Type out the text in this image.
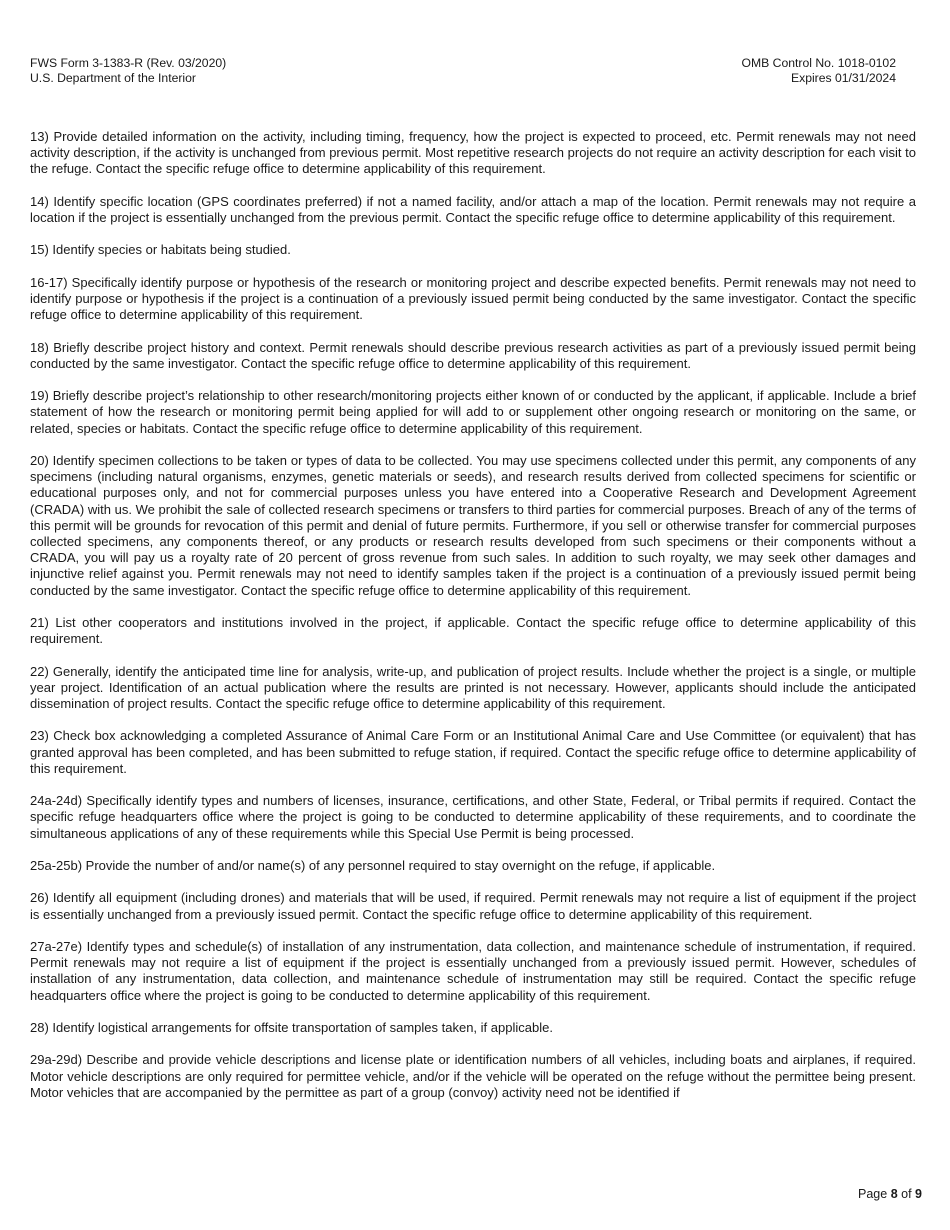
FWS Form 3-1383-R (Rev. 03/2020)
U.S. Department of the Interior
OMB Control No. 1018-0102
Expires 01/31/2024

13) Provide detailed information on the activity, including timing, frequency, how the project is expected to proceed, etc. Permit renewals may not need activity description, if the activity is unchanged from previous permit. Most repetitive research projects do not require an activity description for each visit to the refuge. Contact the specific refuge office to determine applicability of this requirement.

14) Identify specific location (GPS coordinates preferred) if not a named facility, and/or attach a map of the location. Permit renewals may not require a location if the project is essentially unchanged from the previous permit. Contact the specific refuge office to determine applicability of this requirement.

15) Identify species or habitats being studied.

16-17) Specifically identify purpose or hypothesis of the research or monitoring project and describe expected benefits. Permit renewals may not need to identify purpose or hypothesis if the project is a continuation of a previously issued permit being conducted by the same investigator. Contact the specific refuge office to determine applicability of this requirement.

18) Briefly describe project history and context. Permit renewals should describe previous research activities as part of a previously issued permit being conducted by the same investigator. Contact the specific refuge office to determine applicability of this requirement.

19) Briefly describe project’s relationship to other research/monitoring projects either known of or conducted by the applicant, if applicable. Include a brief statement of how the research or monitoring permit being applied for will add to or supplement other ongoing research or monitoring on the same, or related, species or habitats. Contact the specific refuge office to determine applicability of this requirement.

20) Identify specimen collections to be taken or types of data to be collected. You may use specimens collected under this permit, any components of any specimens (including natural organisms, enzymes, genetic materials or seeds), and research results derived from collected specimens for scientific or educational purposes only, and not for commercial purposes unless you have entered into a Cooperative Research and Development Agreement (CRADA) with us. We prohibit the sale of collected research specimens or transfers to third parties for commercial purposes. Breach of any of the terms of this permit will be grounds for revocation of this permit and denial of future permits. Furthermore, if you sell or otherwise transfer for commercial purposes collected specimens, any components thereof, or any products or research results developed from such specimens or their components without a CRADA, you will pay us a royalty rate of 20 percent of gross revenue from such sales. In addition to such royalty, we may seek other damages and injunctive relief against you. Permit renewals may not need to identify samples taken if the project is a continuation of a previously issued permit being conducted by the same investigator. Contact the specific refuge office to determine applicability of this requirement.

21) List other cooperators and institutions involved in the project, if applicable. Contact the specific refuge office to determine applicability of this requirement.

22) Generally, identify the anticipated time line for analysis, write-up, and publication of project results. Include whether the project is a single, or multiple year project. Identification of an actual publication where the results are printed is not necessary. However, applicants should include the anticipated dissemination of project results. Contact the specific refuge office to determine applicability of this requirement.

23) Check box acknowledging a completed Assurance of Animal Care Form or an Institutional Animal Care and Use Committee (or equivalent) that has granted approval has been completed, and has been submitted to refuge station, if required. Contact the specific refuge office to determine applicability of this requirement.

24a-24d) Specifically identify types and numbers of licenses, insurance, certifications, and other State, Federal, or Tribal permits if required. Contact the specific refuge headquarters office where the project is going to be conducted to determine applicability of these requirements, and to coordinate the simultaneous applications of any of these requirements while this Special Use Permit is being processed.

25a-25b) Provide the number of and/or name(s) of any personnel required to stay overnight on the refuge, if applicable.

26) Identify all equipment (including drones) and materials that will be used, if required. Permit renewals may not require a list of equipment if the project is essentially unchanged from a previously issued permit. Contact the specific refuge office to determine applicability of this requirement.

27a-27e) Identify types and schedule(s) of installation of any instrumentation, data collection, and maintenance schedule of instrumentation, if required. Permit renewals may not require a list of equipment if the project is essentially unchanged from a previously issued permit. However, schedules of installation of any instrumentation, data collection, and maintenance schedule of instrumentation may still be required. Contact the specific refuge headquarters office where the project is going to be conducted to determine applicability of this requirement.

28) Identify logistical arrangements for offsite transportation of samples taken, if applicable.

29a-29d) Describe and provide vehicle descriptions and license plate or identification numbers of all vehicles, including boats and airplanes, if required. Motor vehicle descriptions are only required for permittee vehicle, and/or if the vehicle will be operated on the refuge without the permittee being present. Motor vehicles that are accompanied by the permittee as part of a group (convoy) activity need not be identified if

Page 8 of 9
